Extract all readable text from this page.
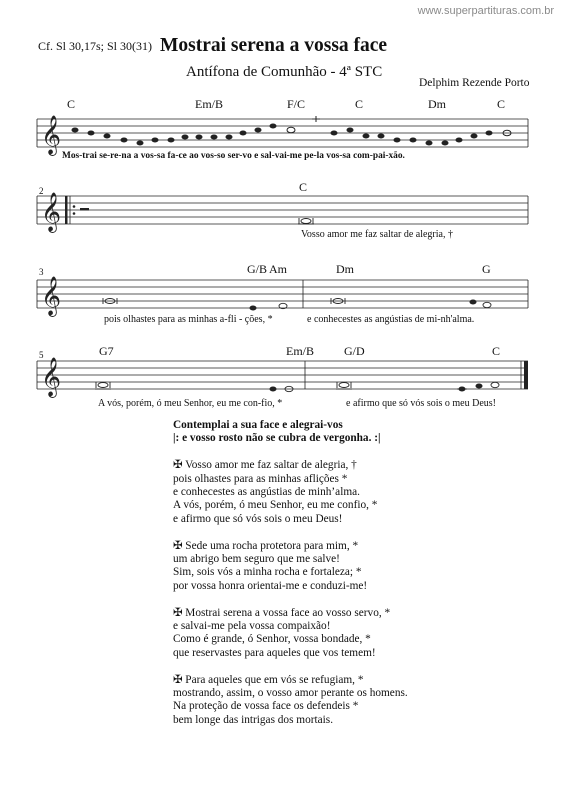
www.superpartituras.com.br
Cf. Sl 30,17s; Sl 30(31) Mostrai serena a vossa face
Antífona de Comunhão - 4ª STC
Delphim Rezende Porto
𝄞
𝄞
𝄞
𝄞
C	Em/B	F/C	C	Dm	C
Mos-trai se-re-na a vos-sa fa-ce ao vos-so ser-vo e sal-vai-me pe-la vos-sa com-pai-xão.
2	C
Vosso amor me faz saltar de alegria, †
3	G/B Am	Dm	G
pois olhastes para as minhas a-fli - ções, *	e conhecestes as angústias de mi-nh'alma.
5	G7	Em/B G/D	C
A vós, porém, ó meu Senhor, eu me con-fio, *	e afirmo que só vós sois o meu Deus!
Contemplai a sua face e alegrai-vos
|: e vosso rosto não se cubra de vergonha. :|
✠ Vosso amor me faz saltar de alegria, †
pois olhastes para as minhas aflições *
e conhecestes as angústias de minh’alma.
A vós, porém, ó meu Senhor, eu me confio, *
e afirmo que só vós sois o meu Deus!
✠ Sede uma rocha protetora para mim, *
um abrigo bem seguro que me salve!
Sim, sois vós a minha rocha e fortaleza; *
por vossa honra orientai-me e conduzi-me!
✠ Mostrai serena a vossa face ao vosso servo, *
e salvai-me pela vossa compaixão!
Como é grande, ó Senhor, vossa bondade, *
que reservastes para aqueles que vos temem!
✠ Para aqueles que em vós se refugiam, *
mostrando, assim, o vosso amor perante os homens.
Na proteção de vossa face os defendeis *
bem longe das intrigas dos mortais.
